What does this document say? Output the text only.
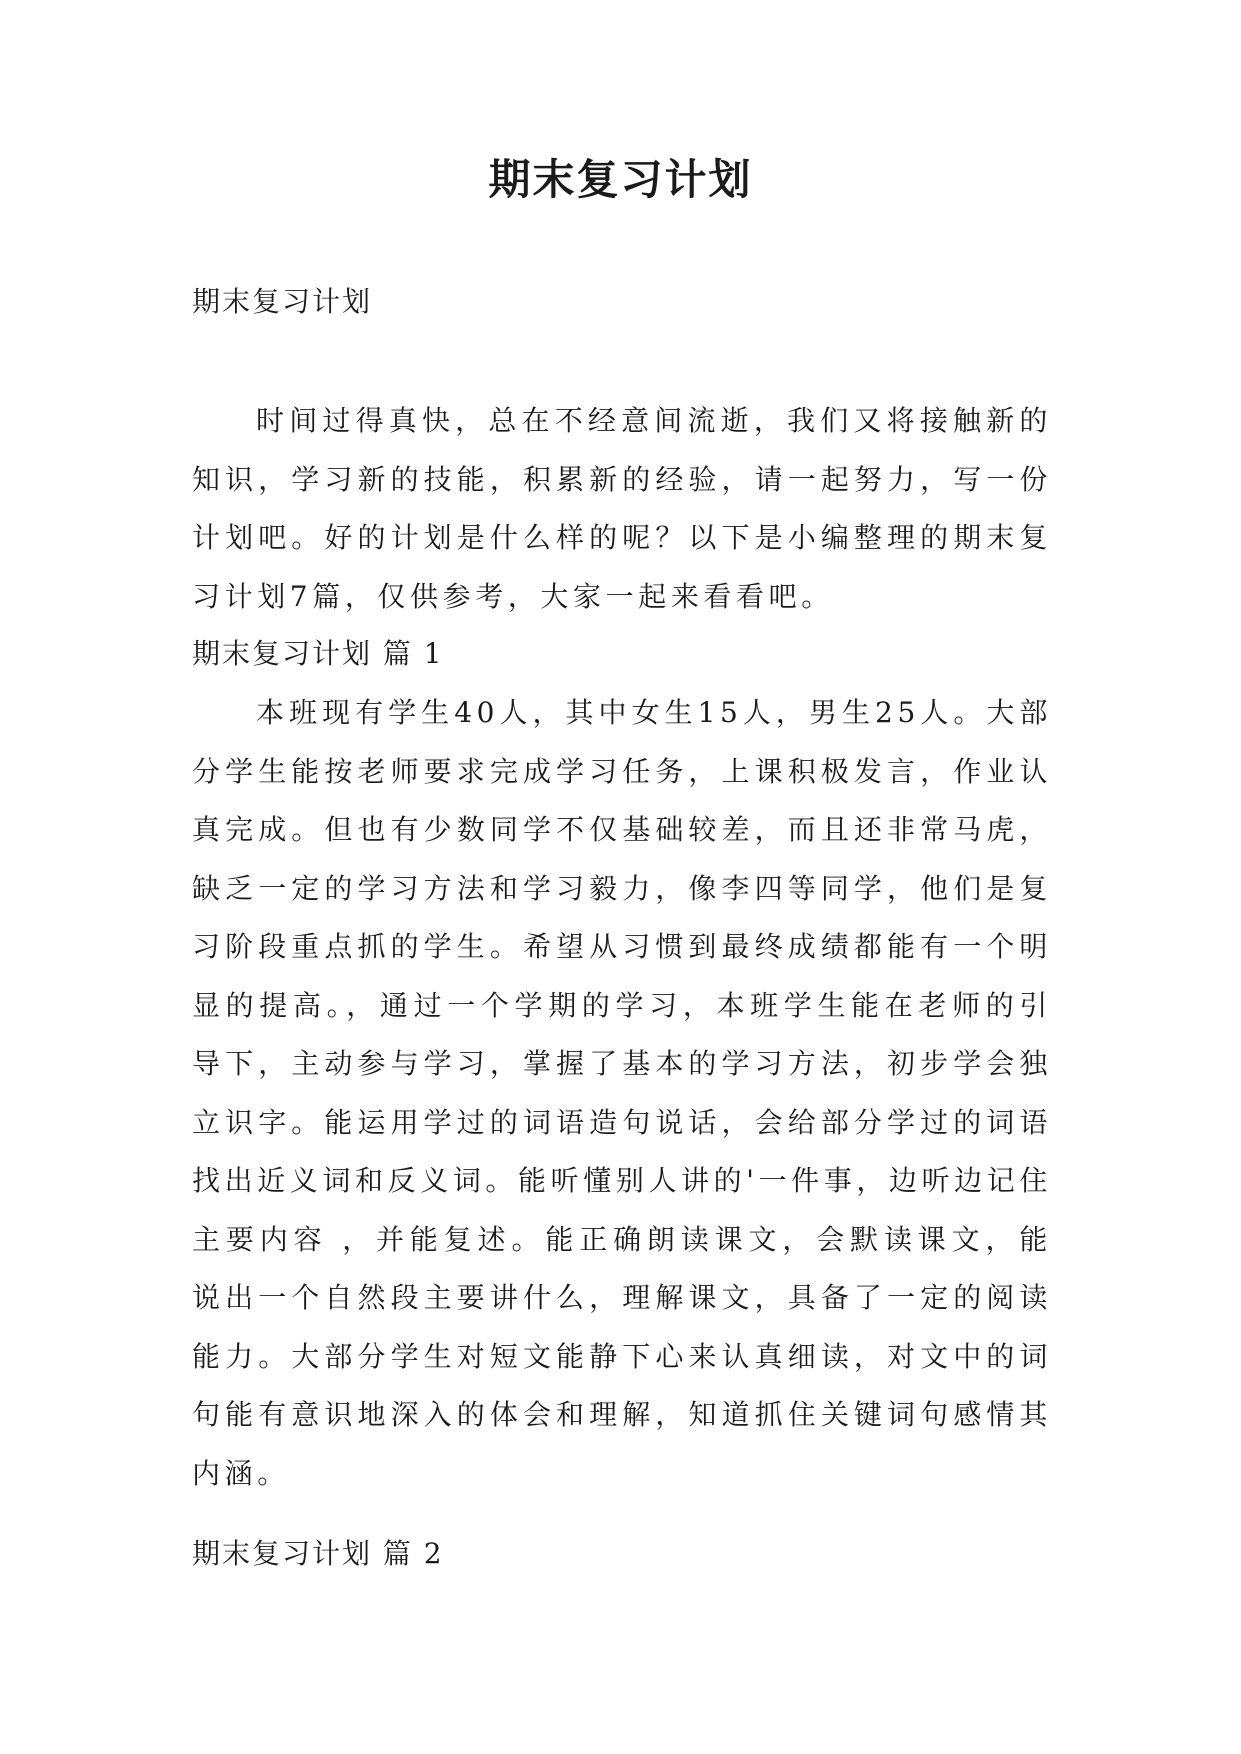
期末复习计划

期末复习计划

时间过得真快，总在不经意间流逝，我们又将接触新的知识，学习新的技能，积累新的经验，请一起努力，写一份计划吧。好的计划是什么样的呢？以下是小编整理的期末复习计划7篇，仅供参考，大家一起来看看吧。

期末复习计划 篇 1

本班现有学生40人，其中女生15人，男生25人。大部分学生能按老师要求完成学习任务，上课积极发言，作业认真完成。但也有少数同学不仅基础较差，而且还非常马虎，缺乏一定的学习方法和学习毅力，像李四等同学，他们是复习阶段重点抓的学生。希望从习惯到最终成绩都能有一个明显的提高。，通过一个学期的学习，本班学生能在老师的引导下，主动参与学习，掌握了基本的学习方法，初步学会独立识字。能运用学过的词语造句说话，会给部分学过的词语找出近义词和反义词。能听懂别人讲的'一件事，边听边记住主要内容 ，并能复述。能正确朗读课文，会默读课文，能说出一个自然段主要讲什么，理解课文，具备了一定的阅读能力。大部分学生对短文能静下心来认真细读，对文中的词句能有意识地深入的体会和理解，知道抓住关键词句感情其内涵。

期末复习计划 篇 2
